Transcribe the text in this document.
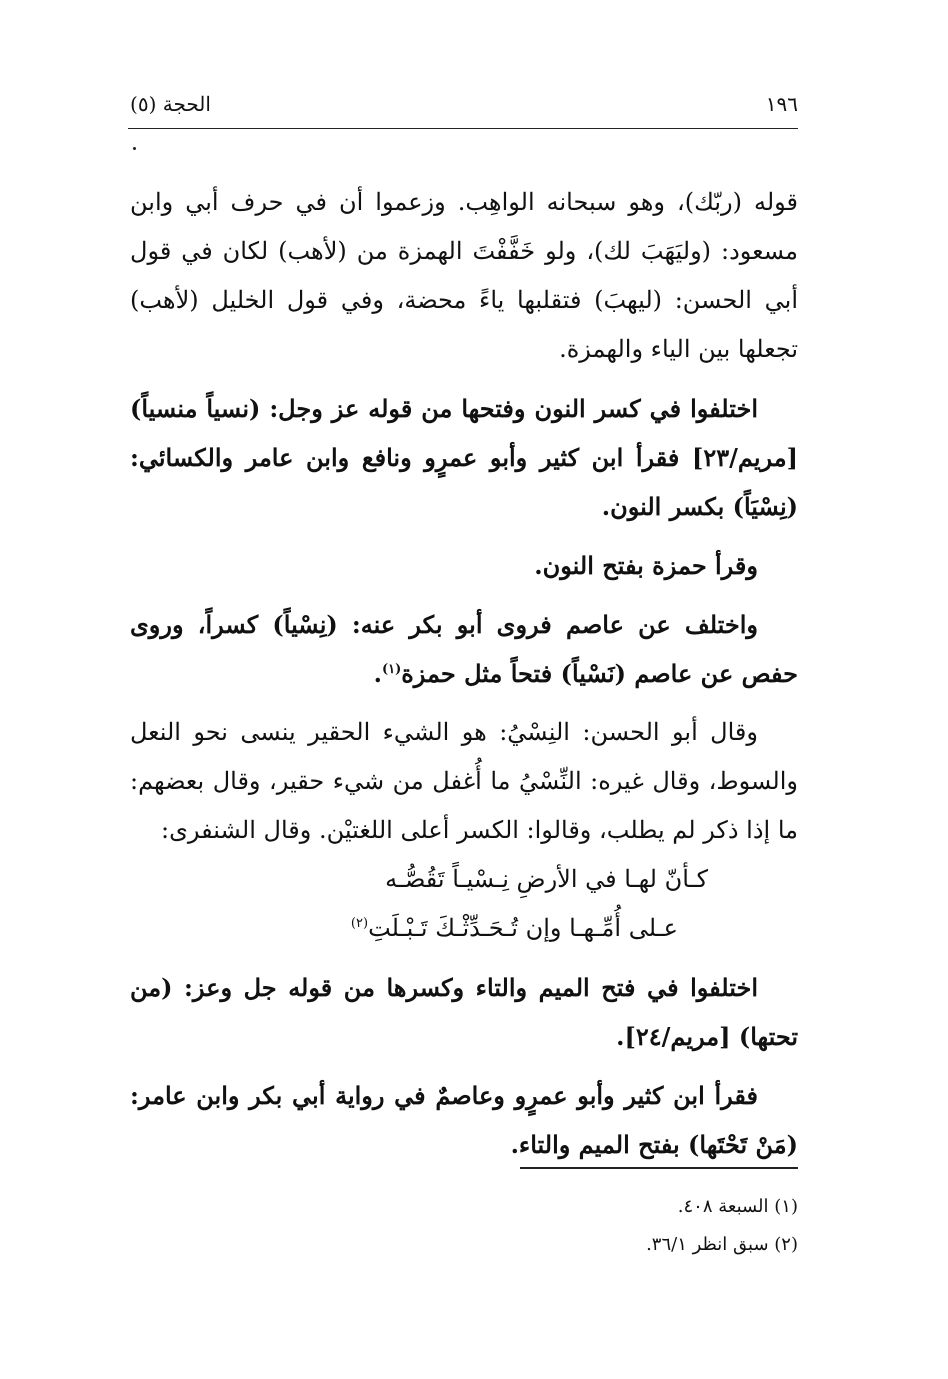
١٩٦
الحجة (٥)

قوله (ربّك)، وهو سبحانه الواهِب. وزعموا أن في حرف أبي وابن مسعود: (وليَهَبَ لك)، ولو خَفَّفْتَ الهمزة من (لأهب) لكان في قول أبي الحسن: (ليهبَ) فتقلبها ياءً محضة، وفي قول الخليل (لأهب) تجعلها بين الياء والهمزة.

اختلفوا في كسر النون وفتحها من قوله عز وجل: (نسياً منسياً) [مريم/٢٣] فقرأ ابن كثير وأبو عمرٍو ونافع وابن عامر والكسائي: (نِسْيَاً) بكسر النون.

وقرأ حمزة بفتح النون.

واختلف عن عاصم فروى أبو بكر عنه: (نِسْياً) كسراً، وروى حفص عن عاصم (نَسْياً) فتحاً مثل حمزة$^{(١)}$.

وقال أبو الحسن: النِسْيُ: هو الشيء الحقير ينسى نحو النعل والسوط، وقال غيره: النِّسْيُ ما أُغفل من شيء حقير، وقال بعضهم: ما إذا ذكر لم يطلب، وقالوا: الكسر أعلى اللغتيْن. وقال الشنفرى:

كـأنّ لهـا في الأرضِ نِـسْيـاً تَقُصُّـه

عـلى أُمِّـهـا وإن تُـحَـدِّثْـكَ تَـبْـلَتِ$^{(٢)}$

اختلفوا في فتح الميم والتاء وكسرها من قوله جل وعز: (من تحتها) [مريم/٢٤].

فقرأ ابن كثير وأبو عمرٍو وعاصمٌ في رواية أبي بكر وابن عامر: (مَنْ تَحْتَها) بفتح الميم والتاء.

(١) السبعة ٤٠٨.

(٢) سبق انظر ٣٦/١.
